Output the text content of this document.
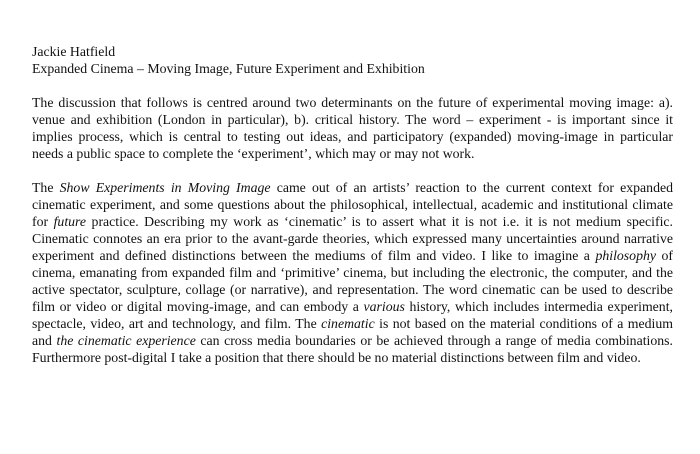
Jackie Hatfield

Expanded Cinema – Moving Image, Future Experiment and Exhibition

The discussion that follows is centred around two determinants on the future of experimental moving image: a). venue and exhibition (London in particular), b). critical history. The word – experiment - is important since it implies process, which is central to testing out ideas, and participatory (expanded) moving-image in particular needs a public space to complete the ‘experiment’, which may or may not work.

The Show Experiments in Moving Image came out of an artists’ reaction to the current context for expanded cinematic experiment, and some questions about the philosophical, intellectual, academic and institutional climate for future practice. Describing my work as ‘cinematic’ is to assert what it is not i.e. it is not medium specific. Cinematic connotes an era prior to the avant-garde theories, which expressed many uncertainties around narrative experiment and defined distinctions between the mediums of film and video. I like to imagine a philosophy of cinema, emanating from expanded film and ‘primitive’ cinema, but including the electronic, the computer, and the active spectator, sculpture, collage (or narrative), and representation. The word cinematic can be used to describe film or video or digital moving-image, and can embody a various history, which includes intermedia experiment, spectacle, video, art and technology, and film. The cinematic is not based on the material conditions of a medium and the cinematic experience can cross media boundaries or be achieved through a range of media combinations. Furthermore post-digital I take a position that there should be no material distinctions between film and video.
